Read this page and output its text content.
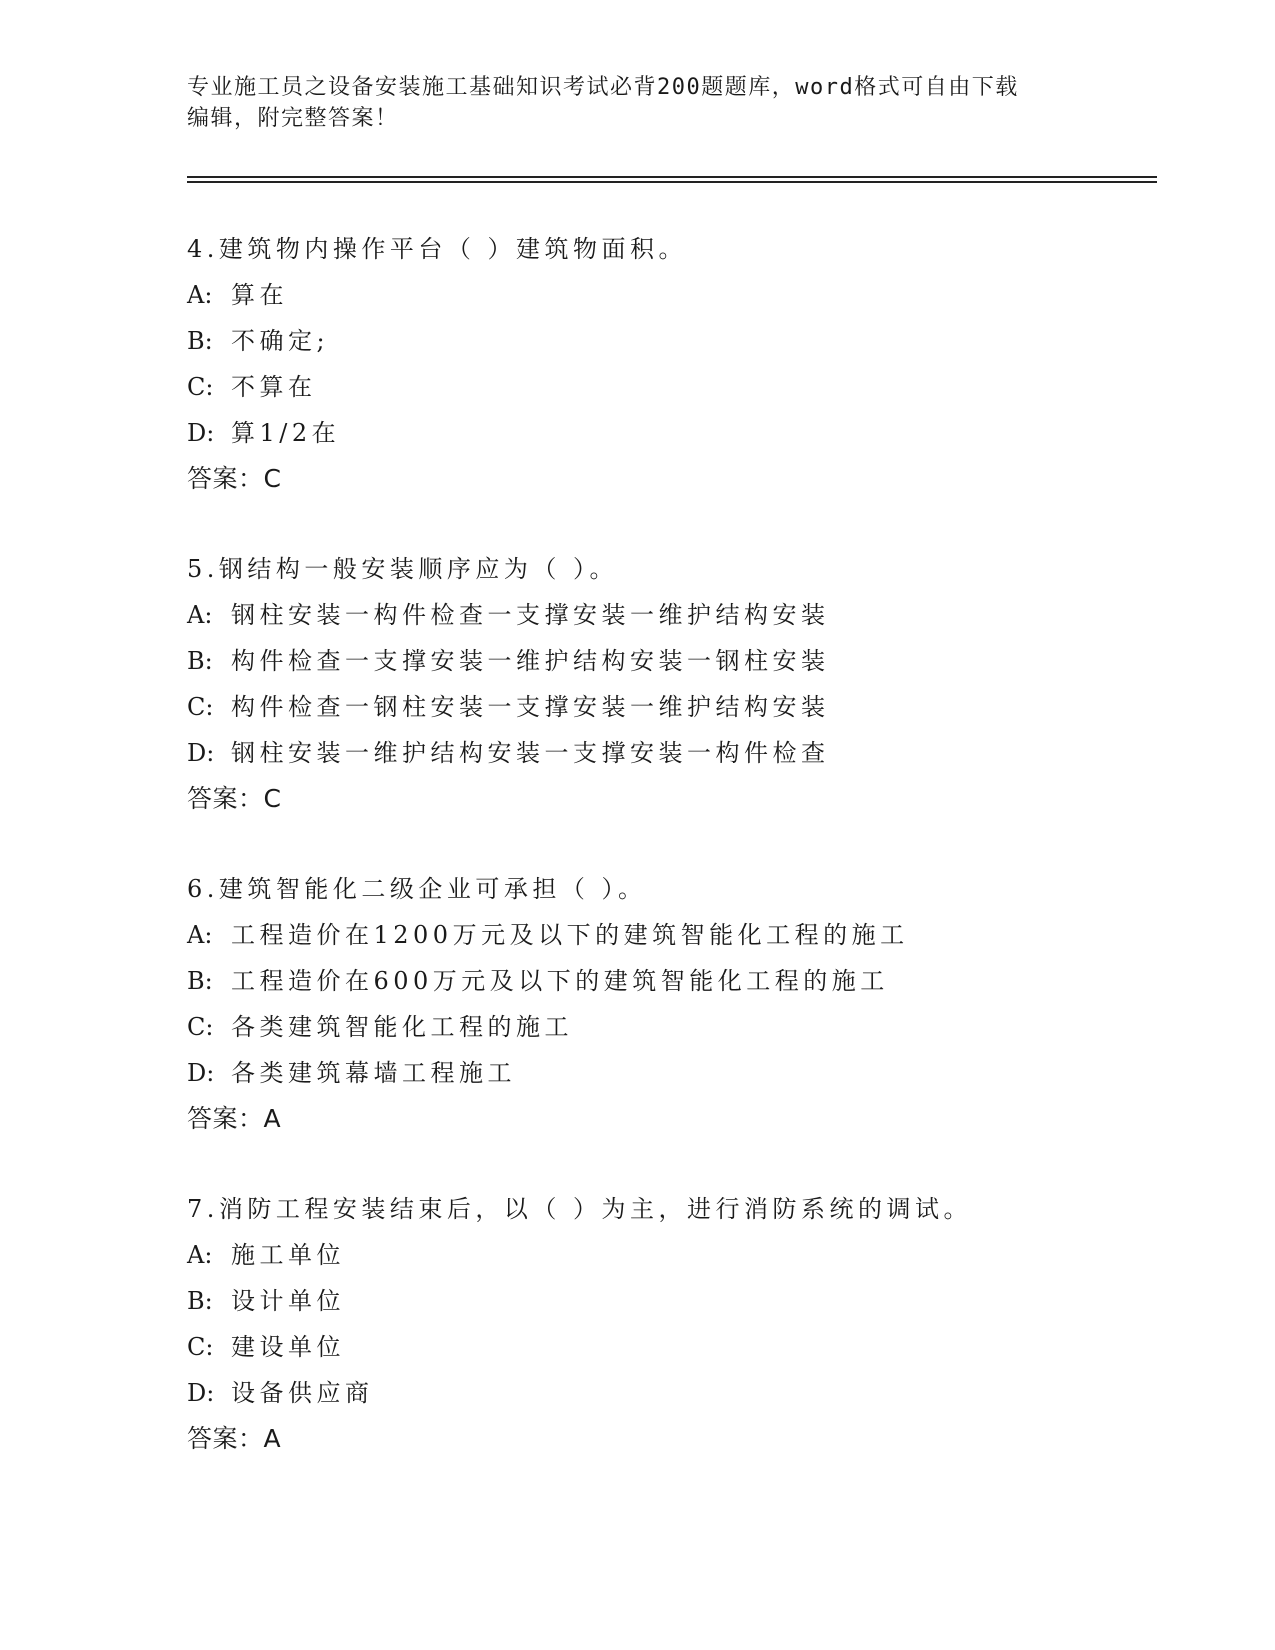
专业施工员之设备安装施工基础知识考试必背200题题库，word格式可自由下载
编辑，附完整答案！
4.建筑物内操作平台（ ）建筑物面积。
A: 算在
B: 不确定;
C: 不算在
D: 算1/2在
答案：C
5.钢结构一般安装顺序应为（ ）。
A: 钢柱安装一构件检查一支撑安装一维护结构安装
B: 构件检查一支撑安装一维护结构安装一钢柱安装
C: 构件检查一钢柱安装一支撑安装一维护结构安装
D: 钢柱安装一维护结构安装一支撑安装一构件检查
答案：C
6.建筑智能化二级企业可承担（ ）。
A: 工程造价在1200万元及以下的建筑智能化工程的施工
B: 工程造价在600万元及以下的建筑智能化工程的施工
C: 各类建筑智能化工程的施工
D: 各类建筑幕墙工程施工
答案：A
7.消防工程安装结束后，以（ ）为主，进行消防系统的调试。
A: 施工单位
B: 设计单位
C: 建设单位
D: 设备供应商
答案：A
